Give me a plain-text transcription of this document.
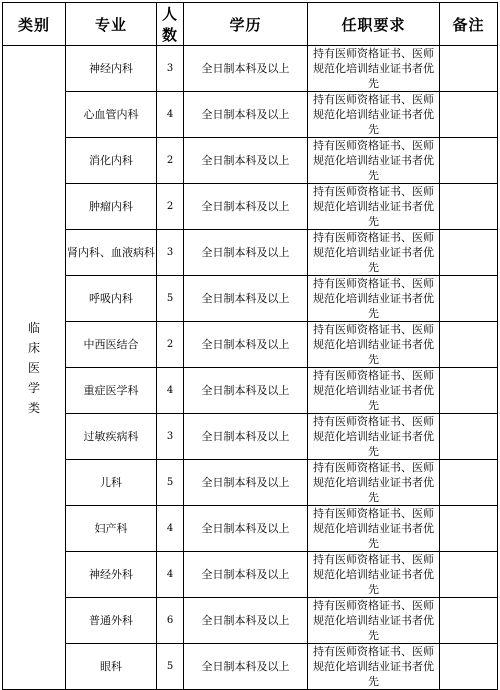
类别	专业	人数	学历	任职要求	备注

临
床
医
学
类	神经内科	3	全日制本科及以上	持有医师资格证书、医师规范化培训结业证书者优先	
	心血管内科	4	全日制本科及以上	持有医师资格证书、医师规范化培训结业证书者优先	
	消化内科	2	全日制本科及以上	持有医师资格证书、医师规范化培训结业证书者优先	
	肿瘤内科	2	全日制本科及以上	持有医师资格证书、医师规范化培训结业证书者优先	
	肾内科、血液病科	3	全日制本科及以上	持有医师资格证书、医师规范化培训结业证书者优先	
	呼吸内科	5	全日制本科及以上	持有医师资格证书、医师规范化培训结业证书者优先	
	中西医结合	2	全日制本科及以上	持有医师资格证书、医师规范化培训结业证书者优先	
	重症医学科	4	全日制本科及以上	持有医师资格证书、医师规范化培训结业证书者优先	
	过敏疾病科	3	全日制本科及以上	持有医师资格证书、医师规范化培训结业证书者优先	
	儿科	5	全日制本科及以上	持有医师资格证书、医师规范化培训结业证书者优先	
	妇产科	4	全日制本科及以上	持有医师资格证书、医师规范化培训结业证书者优先	
	神经外科	4	全日制本科及以上	持有医师资格证书、医师规范化培训结业证书者优先	
	普通外科	6	全日制本科及以上	持有医师资格证书、医师规范化培训结业证书者优先	
	眼科	5	全日制本科及以上	持有医师资格证书、医师规范化培训结业证书者优先	
